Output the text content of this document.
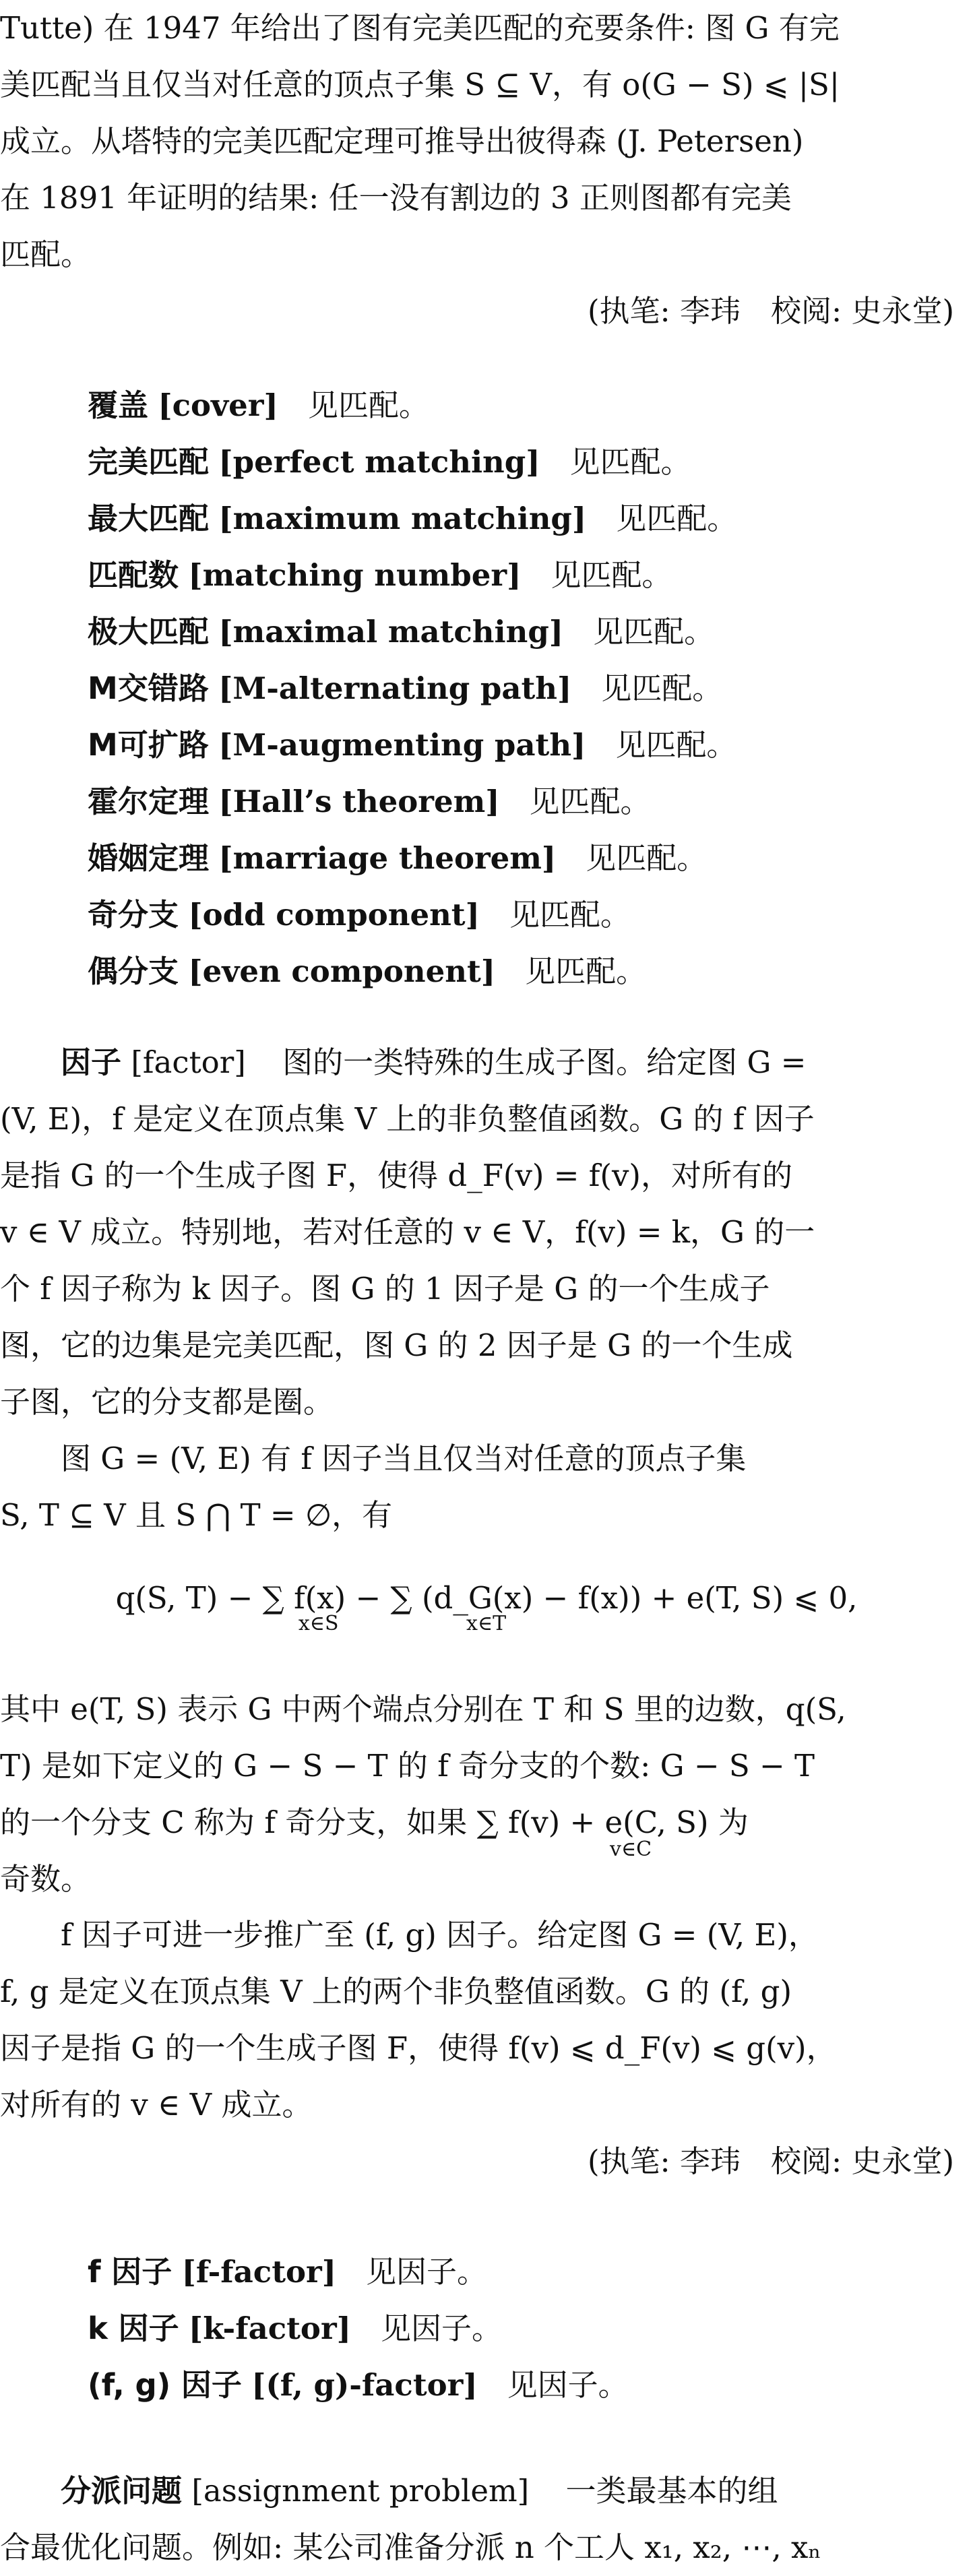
Tutte) 在 1947 年给出了图有完美匹配的充要条件: 图 G 有完
美匹配当且仅当对任意的顶点子集 S ⊆ V，有 o(G − S) ⩽ |S|
成立。从塔特的完美匹配定理可推导出彼得森 (J. Petersen)
在 1891 年证明的结果: 任一没有割边的 3 正则图都有完美
匹配。

(执笔: 李玮　校阅: 史永堂)

覆盖 [cover] 见匹配。
完美匹配 [perfect matching] 见匹配。
最大匹配 [maximum matching] 见匹配。
匹配数 [matching number] 见匹配。
极大匹配 [maximal matching] 见匹配。
M交错路 [M-alternating path] 见匹配。
M可扩路 [M-augmenting path] 见匹配。
霍尔定理 [Hall’s theorem] 见匹配。
婚姻定理 [marriage theorem] 见匹配。
奇分支 [odd component] 见匹配。
偶分支 [even component] 见匹配。

因子 [factor] 图的一类特殊的生成子图。给定图 G =

(V, E)，f 是定义在顶点集 V 上的非负整值函数。G 的 f 因子
是指 G 的一个生成子图 F，使得 d_F(v) = f(v)，对所有的
v ∈ V 成立。特别地，若对任意的 v ∈ V，f(v) = k，G 的一
个 f 因子称为 k 因子。图 G 的 1 因子是 G 的一个生成子
图，它的边集是完美匹配，图 G 的 2 因子是 G 的一个生成
子图，它的分支都是圈。

图 G = (V, E) 有 f 因子当且仅当对任意的顶点子集
S, T ⊆ V 且 S ⋂ T = ∅，有

q(S, T) − ∑ f(x) − ∑ (d_G(x) − f(x)) + e(T, S) ⩽ 0,
x∈S	x∈T

其中 e(T, S) 表示 G 中两个端点分别在 T 和 S 里的边数，q(S,
T) 是如下定义的 G − S − T 的 f 奇分支的个数: G − S − T
的一个分支 C 称为 f 奇分支，如果 ∑ f(v) + e(C, S) 为
奇数。

v∈C

f 因子可进一步推广至 (f, g) 因子。给定图 G = (V, E)，
f, g 是定义在顶点集 V 上的两个非负整值函数。G 的 (f, g)
因子是指 G 的一个生成子图 F，使得 f(v) ⩽ d_F(v) ⩽ g(v)，
对所有的 v ∈ V 成立。

(执笔: 李玮　校阅: 史永堂)

f 因子 [f-factor] 见因子。
k 因子 [k-factor] 见因子。
(f, g) 因子 [(f, g)-factor] 见因子。

分派问题 [assignment problem] 一类最基本的组

合最优化问题。例如: 某公司准备分派 n 个工人 x₁, x₂, ⋯, xₙ
